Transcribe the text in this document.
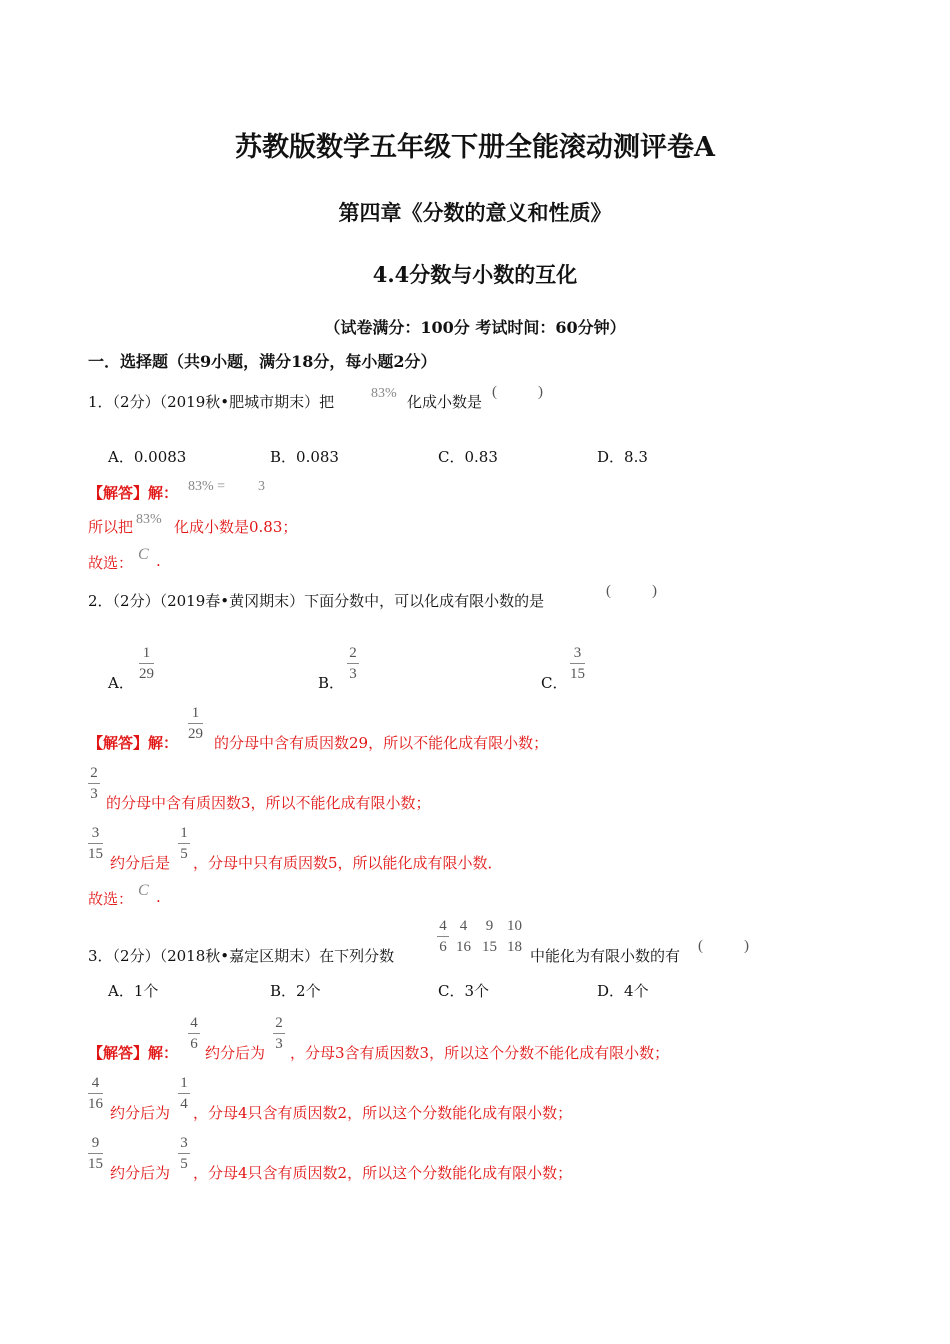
苏教版数学五年级下册全能滚动测评卷A
第四章《分数的意义和性质》
4.4分数与小数的互化
（试卷满分：100分 考试时间：60分钟）
一．选择题（共9小题，满分18分，每小题2分）
1．（2分）（2019秋•肥城市期末）把	83% 化成小数是
(	)
A．0.0083	B．0.083	C．0.83	D．8.3
【解答】解： 83% = 3
所以把 83% 化成小数是0.83；
故选： C .
2．（2分）（2019春•黄冈期末）下面分数中，可以化成有限小数的是
(	)
A．
1
29	B．
2
3	C．
3
15
【解答】解：
1
29 的分母中含有质因数29，所以不能化成有限小数；
2
3 的分母中含有质因数3，所以不能化成有限小数；
3
15 约分后是
1
5 ，分母中只有质因数5，所以能化成有限小数．
故选： C .
3．（2分）（2018秋•嘉定区期末）在下列分数
4
6
4
16
9
15
10
18 中能化为有限小数的有
(	)
A．1个	B．2个	C．3个	D．4个
【解答】解：
4
6 约分后为
2
3 ，分母3含有质因数3，所以这个分数不能化成有限小数；
4
16 约分后为
1
4 ，分母4只含有质因数2，所以这个分数能化成有限小数；
9
15 约分后为
3
5 ，分母4只含有质因数2，所以这个分数能化成有限小数；
